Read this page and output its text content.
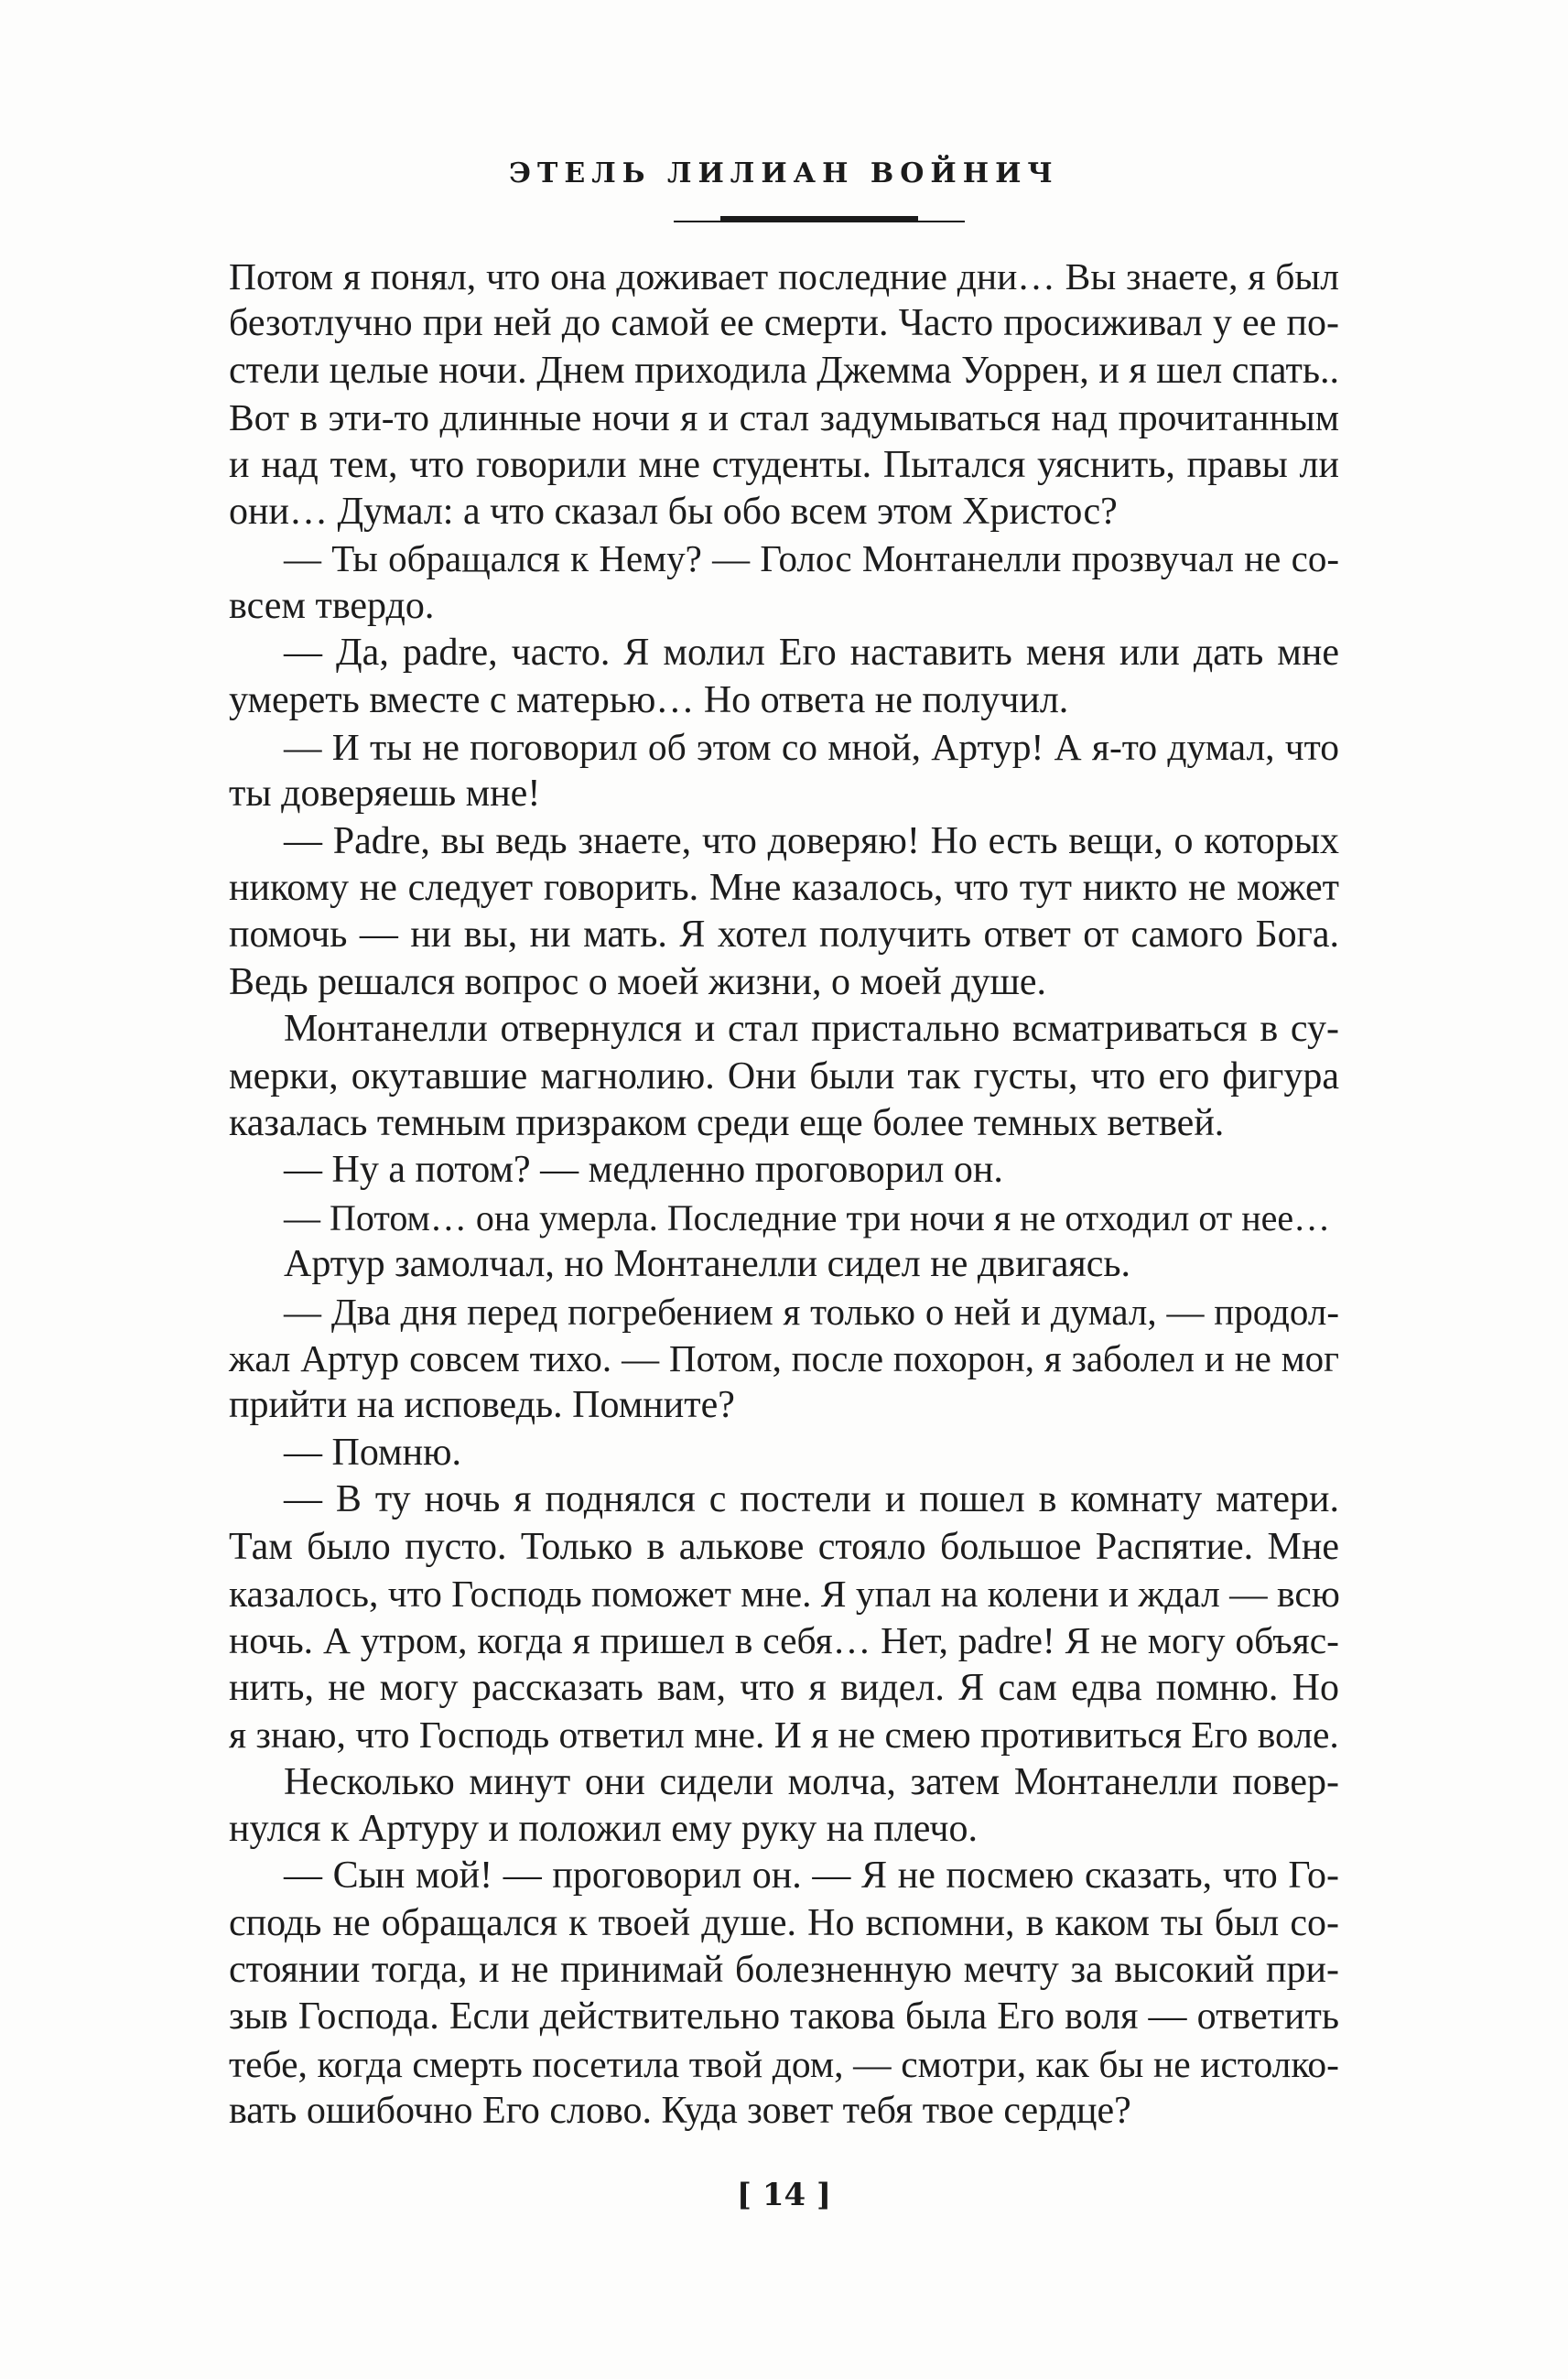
ЭТЕЛЬ ЛИЛИАН ВОЙНИЧ
Потом я понял, что она доживает последние дни… Вы знаете, я был
безотлучно при ней до самой ее смерти. Часто просиживал у ее по-
стели целые ночи. Днем приходила Джемма Уоррен, и я шел спать..
Вот в эти-то длинные ночи я и стал задумываться над прочитанным
и над тем, что говорили мне студенты. Пытался уяснить, правы ли
они… Думал: а что сказал бы обо всем этом Христос?
— Ты обращался к Нему? — Голос Монтанелли прозвучал не со-
всем твердо.
— Да, padre, часто. Я молил Его наставить меня или дать мне
умереть вместе с матерью… Но ответа не получил.
— И ты не поговорил об этом со мной, Артур! А я-то думал, что
ты доверяешь мне!
— Padre, вы ведь знаете, что доверяю! Но есть вещи, о которых
никому не следует говорить. Мне казалось, что тут никто не может
помочь — ни вы, ни мать. Я хотел получить ответ от самого Бога.
Ведь решался вопрос о моей жизни, о моей душе.
Монтанелли отвернулся и стал пристально всматриваться в су-
мерки, окутавшие магнолию. Они были так густы, что его фигура
казалась темным призраком среди еще более темных ветвей.
— Ну а потом? — медленно проговорил он.
— Потом… она умерла. Последние три ночи я не отходил от нее…
Артур замолчал, но Монтанелли сидел не двигаясь.
— Два дня перед погребением я только о ней и думал, — продол-
жал Артур совсем тихо. — Потом, после похорон, я заболел и не мог
прийти на исповедь. Помните?
— Помню.
— В ту ночь я поднялся с постели и пошел в комнату матери.
Там было пусто. Только в алькове стояло большое Распятие. Мне
казалось, что Господь поможет мне. Я упал на колени и ждал — всю
ночь. А утром, когда я пришел в себя… Нет, padre! Я не могу объяс-
нить, не могу рассказать вам, что я видел. Я сам едва помню. Но
я знаю, что Господь ответил мне. И я не смею противиться Его воле.
Несколько минут они сидели молча, затем Монтанелли повер-
нулся к Артуру и положил ему руку на плечо.
— Сын мой! — проговорил он. — Я не посмею сказать, что Го-
сподь не обращался к твоей душе. Но вспомни, в каком ты был со-
стоянии тогда, и не принимай болезненную мечту за высокий при-
зыв Господа. Если действительно такова была Его воля — ответить
тебе, когда смерть посетила твой дом, — смотри, как бы не истолко-
вать ошибочно Его слово. Куда зовет тебя твое сердце?
[ 14 ]
